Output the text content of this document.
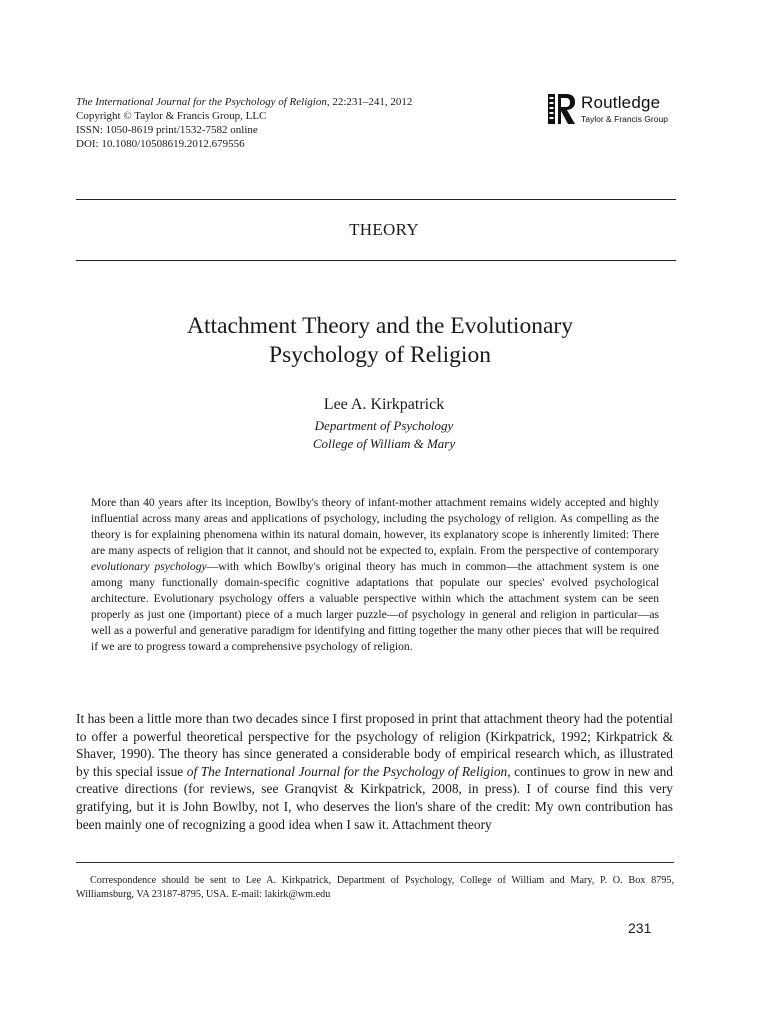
The International Journal for the Psychology of Religion, 22:231–241, 2012
Copyright © Taylor & Francis Group, LLC
ISSN: 1050-8619 print/1532-7582 online
DOI: 10.1080/10508619.2012.679556
Routledge
Taylor & Francis Group
THEORY
Attachment Theory and the Evolutionary
Psychology of Religion
Lee A. Kirkpatrick
Department of Psychology
College of William & Mary
More than 40 years after its inception, Bowlby's theory of infant-mother attachment remains widely accepted and highly influential across many areas and applications of psychology, including the psychology of religion. As compelling as the theory is for explaining phenomena within its natural domain, however, its explanatory scope is inherently limited: There are many aspects of religion that it cannot, and should not be expected to, explain. From the perspective of contemporary evolutionary psychology—with which Bowlby's original theory has much in common—the attachment system is one among many functionally domain-specific cognitive adaptations that populate our species' evolved psychological architecture. Evolutionary psychology offers a valuable perspective within which the attachment system can be seen properly as just one (important) piece of a much larger puzzle—of psychology in general and religion in particular—as well as a powerful and generative paradigm for identifying and fitting together the many other pieces that will be required if we are to progress toward a comprehensive psychology of religion.
It has been a little more than two decades since I first proposed in print that attachment theory had the potential to offer a powerful theoretical perspective for the psychology of religion (Kirkpatrick, 1992; Kirkpatrick & Shaver, 1990). The theory has since generated a considerable body of empirical research which, as illustrated by this special issue of The International Journal for the Psychology of Religion, continues to grow in new and creative directions (for reviews, see Granqvist & Kirkpatrick, 2008, in press). I of course find this very gratifying, but it is John Bowlby, not I, who deserves the lion's share of the credit: My own contribution has been mainly one of recognizing a good idea when I saw it. Attachment theory
Correspondence should be sent to Lee A. Kirkpatrick, Department of Psychology, College of William and Mary, P. O. Box 8795, Williamsburg, VA 23187-8795, USA. E-mail: lakirk@wm.edu
231
